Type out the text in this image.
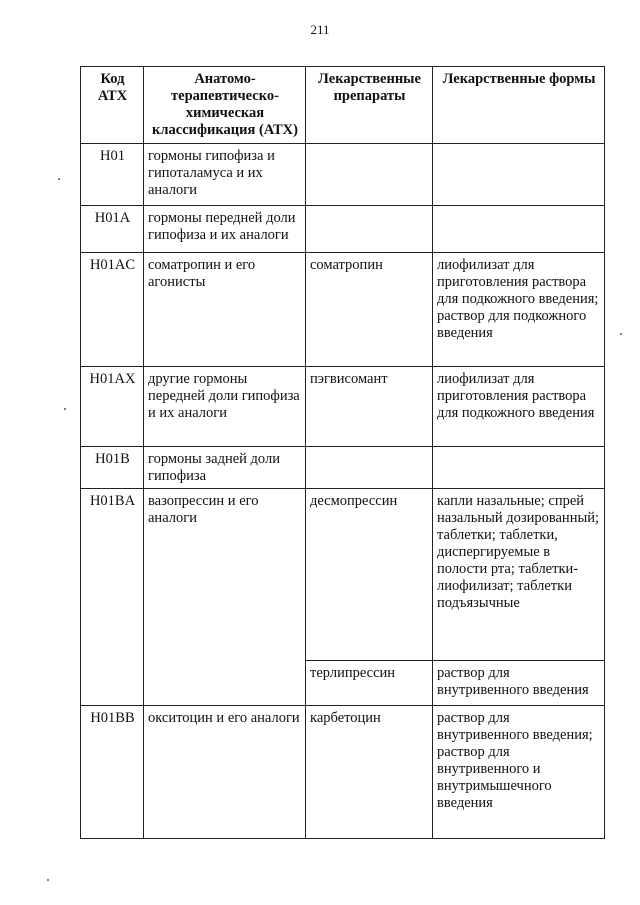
211
Код АТХ	Анатомо-терапевтическо-химическая классификация (АТХ)	Лекарственные препараты	Лекарственные формы
H01	гормоны гипофиза и гипоталамуса и их аналоги		
H01A	гормоны передней доли гипофиза и их аналоги		
H01AC	соматропин и его агонисты	соматропин	лиофилизат для приготовления раствора для подкожного введения; раствор для подкожного введения
H01AX	другие гормоны передней доли гипофиза и их аналоги	пэгвисомант	лиофилизат для приготовления раствора для подкожного введения
H01B	гормоны задней доли гипофиза		
H01BA	вазопрессин и его аналоги	десмопрессин	капли назальные; спрей назальный дозированный; таблетки; таблетки, диспергируемые в полости рта; таблетки-лиофилизат; таблетки подъязычные
		терлипрессин	раствор для внутривенного введения
H01BB	окситоцин и его аналоги	карбетоцин	раствор для внутривенного введения; раствор для внутривенного и внутримышечного введения
